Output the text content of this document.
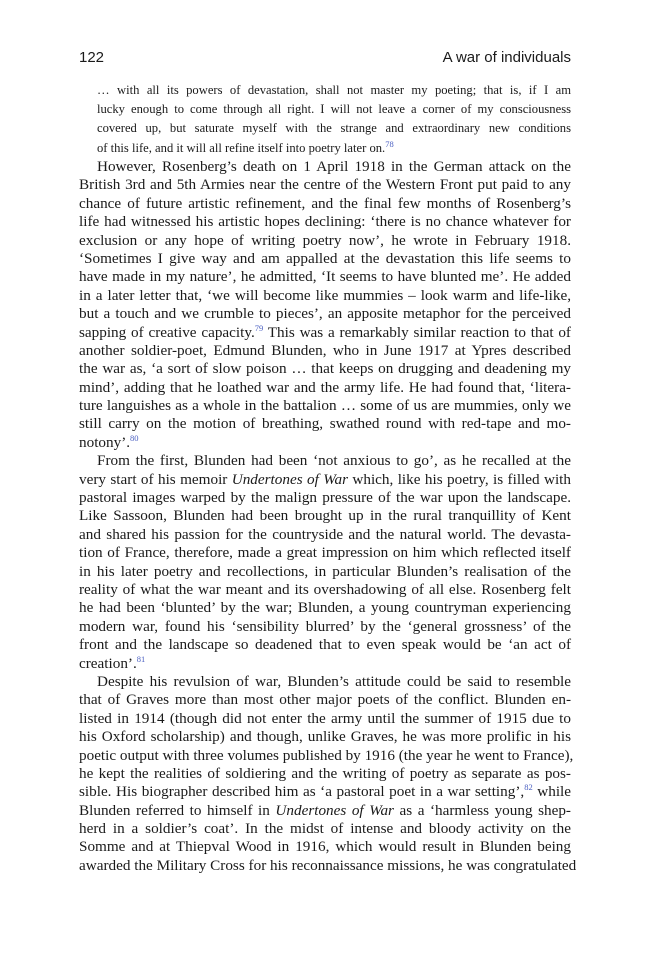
122	A war of individuals
… with all its powers of devastation, shall not master my poeting; that is, if I am
lucky enough to come through all right. I will not leave a corner of my consciousness
covered up, but saturate myself with the strange and extraordinary new conditions
of this life, and it will all refine itself into poetry later on.$^{78}$
However, Rosenberg’s death on 1 April 1918 in the German attack on the
British 3rd and 5th Armies near the centre of the Western Front put paid to any
chance of future artistic refinement, and the final few months of Rosenberg’s
life had witnessed his artistic hopes declining: ‘there is no chance whatever for
exclusion or any hope of writing poetry now’, he wrote in February 1918.
‘Sometimes I give way and am appalled at the devastation this life seems to
have made in my nature’, he admitted, ‘It seems to have blunted me’. He added
in a later letter that, ‘we will become like mummies – look warm and life-like,
but a touch and we crumble to pieces’, an apposite metaphor for the perceived
sapping of creative capacity.$^{79}$ This was a remarkably similar reaction to that of
another soldier-poet, Edmund Blunden, who in June 1917 at Ypres described
the war as, ‘a sort of slow poison … that keeps on drugging and deadening my
mind’, adding that he loathed war and the army life. He had found that, ‘litera-
ture languishes as a whole in the battalion … some of us are mummies, only we
still carry on the motion of breathing, swathed round with red-tape and mo-
notony’.$^{80}$
From the first, Blunden had been ‘not anxious to go’, as he recalled at the
very start of his memoir Undertones of War which, like his poetry, is filled with
pastoral images warped by the malign pressure of the war upon the landscape.
Like Sassoon, Blunden had been brought up in the rural tranquillity of Kent
and shared his passion for the countryside and the natural world. The devasta-
tion of France, therefore, made a great impression on him which reflected itself
in his later poetry and recollections, in particular Blunden’s realisation of the
reality of what the war meant and its overshadowing of all else. Rosenberg felt
he had been ‘blunted’ by the war; Blunden, a young countryman experiencing
modern war, found his ‘sensibility blurred’ by the ‘general grossness’ of the
front and the landscape so deadened that to even speak would be ‘an act of
creation’.$^{81}$
Despite his revulsion of war, Blunden’s attitude could be said to resemble
that of Graves more than most other major poets of the conflict. Blunden en-
listed in 1914 (though did not enter the army until the summer of 1915 due to
his Oxford scholarship) and though, unlike Graves, he was more prolific in his
poetic output with three volumes published by 1916 (the year he went to France),
he kept the realities of soldiering and the writing of poetry as separate as pos-
sible. His biographer described him as ‘a pastoral poet in a war setting’,$^{82}$ while
Blunden referred to himself in Undertones of War as a ‘harmless young shep-
herd in a soldier’s coat’. In the midst of intense and bloody activity on the
Somme and at Thiepval Wood in 1916, which would result in Blunden being
awarded the Military Cross for his reconnaissance missions, he was congratulated
